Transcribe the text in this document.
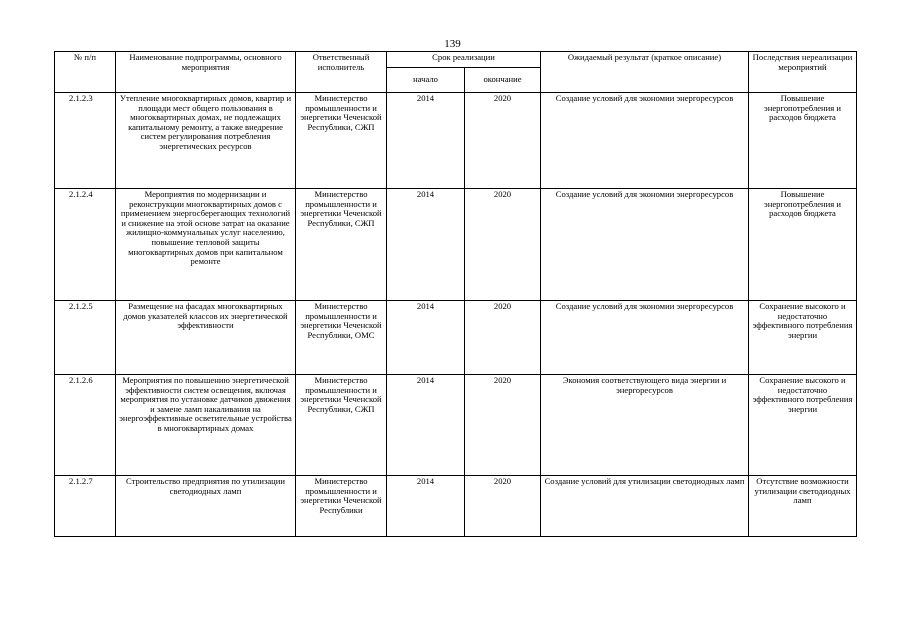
139
№ п/п	Наименование подпрограммы, основного мероприятия	Ответственный исполнитель	Срок реализации		Ожидаемый результат (краткое описание)	Последствия нереализации мероприятий
			начало	окончание		
2.1.2.3	Утепление многоквартирных домов, квартир и площади мест общего пользования в многоквартирных домах, не подлежащих капитальному ремонту, а также внедрение систем регулирования потребления энергетических ресурсов	Министерство промышленности и энергетики Чеченской Республики, СЖП	2014	2020	Создание условий для экономии энергоресурсов	Повышение энергопотребления и расходов бюджета
2.1.2.4	Мероприятия по модернизации и реконструкции многоквартирных домов с применением энергосберегающих технологий и снижение на этой основе затрат на оказание жилищно-коммунальных услуг населению, повышение тепловой защиты многоквартирных домов при капитальном ремонте	Министерство промышленности и энергетики Чеченской Республики, СЖП	2014	2020	Создание условий для экономии энергоресурсов	Повышение энергопотребления и расходов бюджета
2.1.2.5	Размещение на фасадах многоквартирных домов указателей классов их энергетической эффективности	Министерство промышленности и энергетики Чеченской Республики, ОМС	2014	2020	Создание условий для экономии энергоресурсов	Сохранение высокого и недостаточно эффективного потребления энергии
2.1.2.6	Мероприятия по повышению энергетической эффективности систем освещения, включая мероприятия по установке датчиков движения и замене ламп накаливания на энергоэффективные осветительные устройства в многоквартирных домах	Министерство промышленности и энергетики Чеченской Республики, СЖП	2014	2020	Экономия соответствующего вида энергии и энергоресурсов	Сохранение высокого и недостаточно эффективного потребления энергии
2.1.2.7	Строительство предприятия по утилизации светодиодных ламп	Министерство промышленности и энергетики Чеченской Республики	2014	2020	Создание условий для утилизации светодиодных ламп	Отсутствие возможности утилизации светодиодных ламп
